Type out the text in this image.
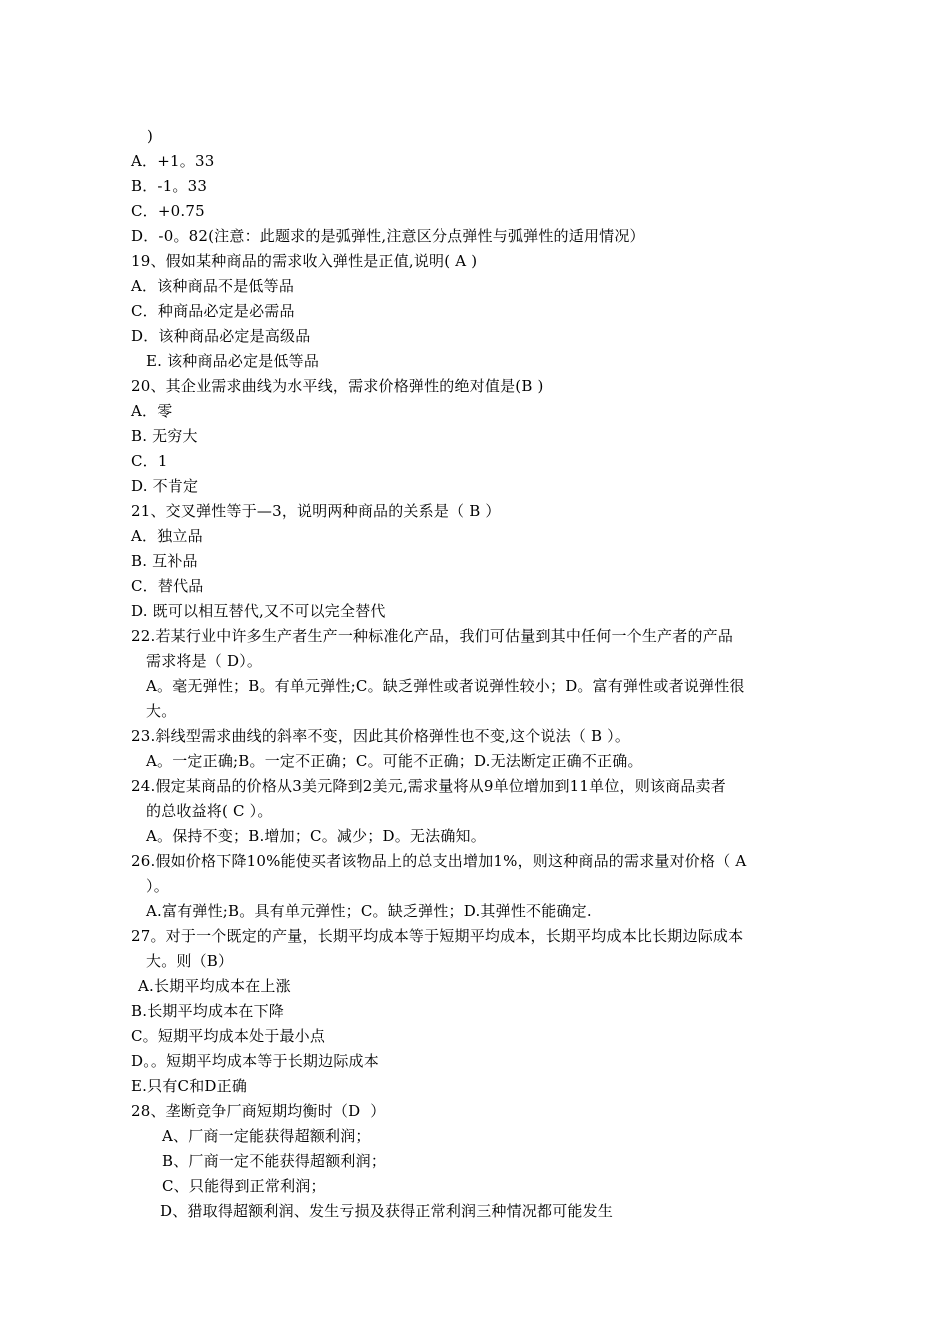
)
A．+1。33
B．-1。33
C．+0.75
D．-0。82(注意：此题求的是弧弹性,注意区分点弹性与弧弹性的适用情况）
19、假如某种商品的需求收入弹性是正值,说明( A )
A．该种商品不是低等品
C．种商品必定是必需品
D．该种商品必定是高级品
E. 该种商品必定是低等品
20、其企业需求曲线为水平线，需求价格弹性的绝对值是(B )
A．零
B. 无穷大
C．1
D. 不肯定
21、交叉弹性等于—3，说明两种商品的关系是（ B ）
A．独立品
B. 互补品
C．替代品
D. 既可以相互替代,又不可以完全替代
22.若某行业中许多生产者生产一种标准化产品，我们可估量到其中任何一个生产者的产品
需求将是（ D）。
A。毫无弹性；B。有单元弹性;C。缺乏弹性或者说弹性较小；D。富有弹性或者说弹性很
大。
23.斜线型需求曲线的斜率不变，因此其价格弹性也不变,这个说法（ B ）。
A。一定正确;B。一定不正确；C。可能不正确；D.无法断定正确不正确。
24.假定某商品的价格从3美元降到2美元,需求量将从9单位增加到11单位，则该商品卖者
的总收益将( C ）。
A。保持不变；B.增加；C。减少；D。无法确知。
26.假如价格下降10%能使买者该物品上的总支出增加1%，则这种商品的需求量对价格（ A
）。
A.富有弹性;B。具有单元弹性；C。缺乏弹性；D.其弹性不能确定.
27。对于一个既定的产量，长期平均成本等于短期平均成本，长期平均成本比长期边际成本
大。则（B）
A.长期平均成本在上涨
B.长期平均成本在下降
C。短期平均成本处于最小点
D。。短期平均成本等于长期边际成本
E.只有C和D正确
28、垄断竞争厂商短期均衡时（D  ）
A、厂商一定能获得超额利润；
B、厂商一定不能获得超额利润；
C、只能得到正常利润；
D、猎取得超额利润、发生亏损及获得正常利润三种情况都可能发生
